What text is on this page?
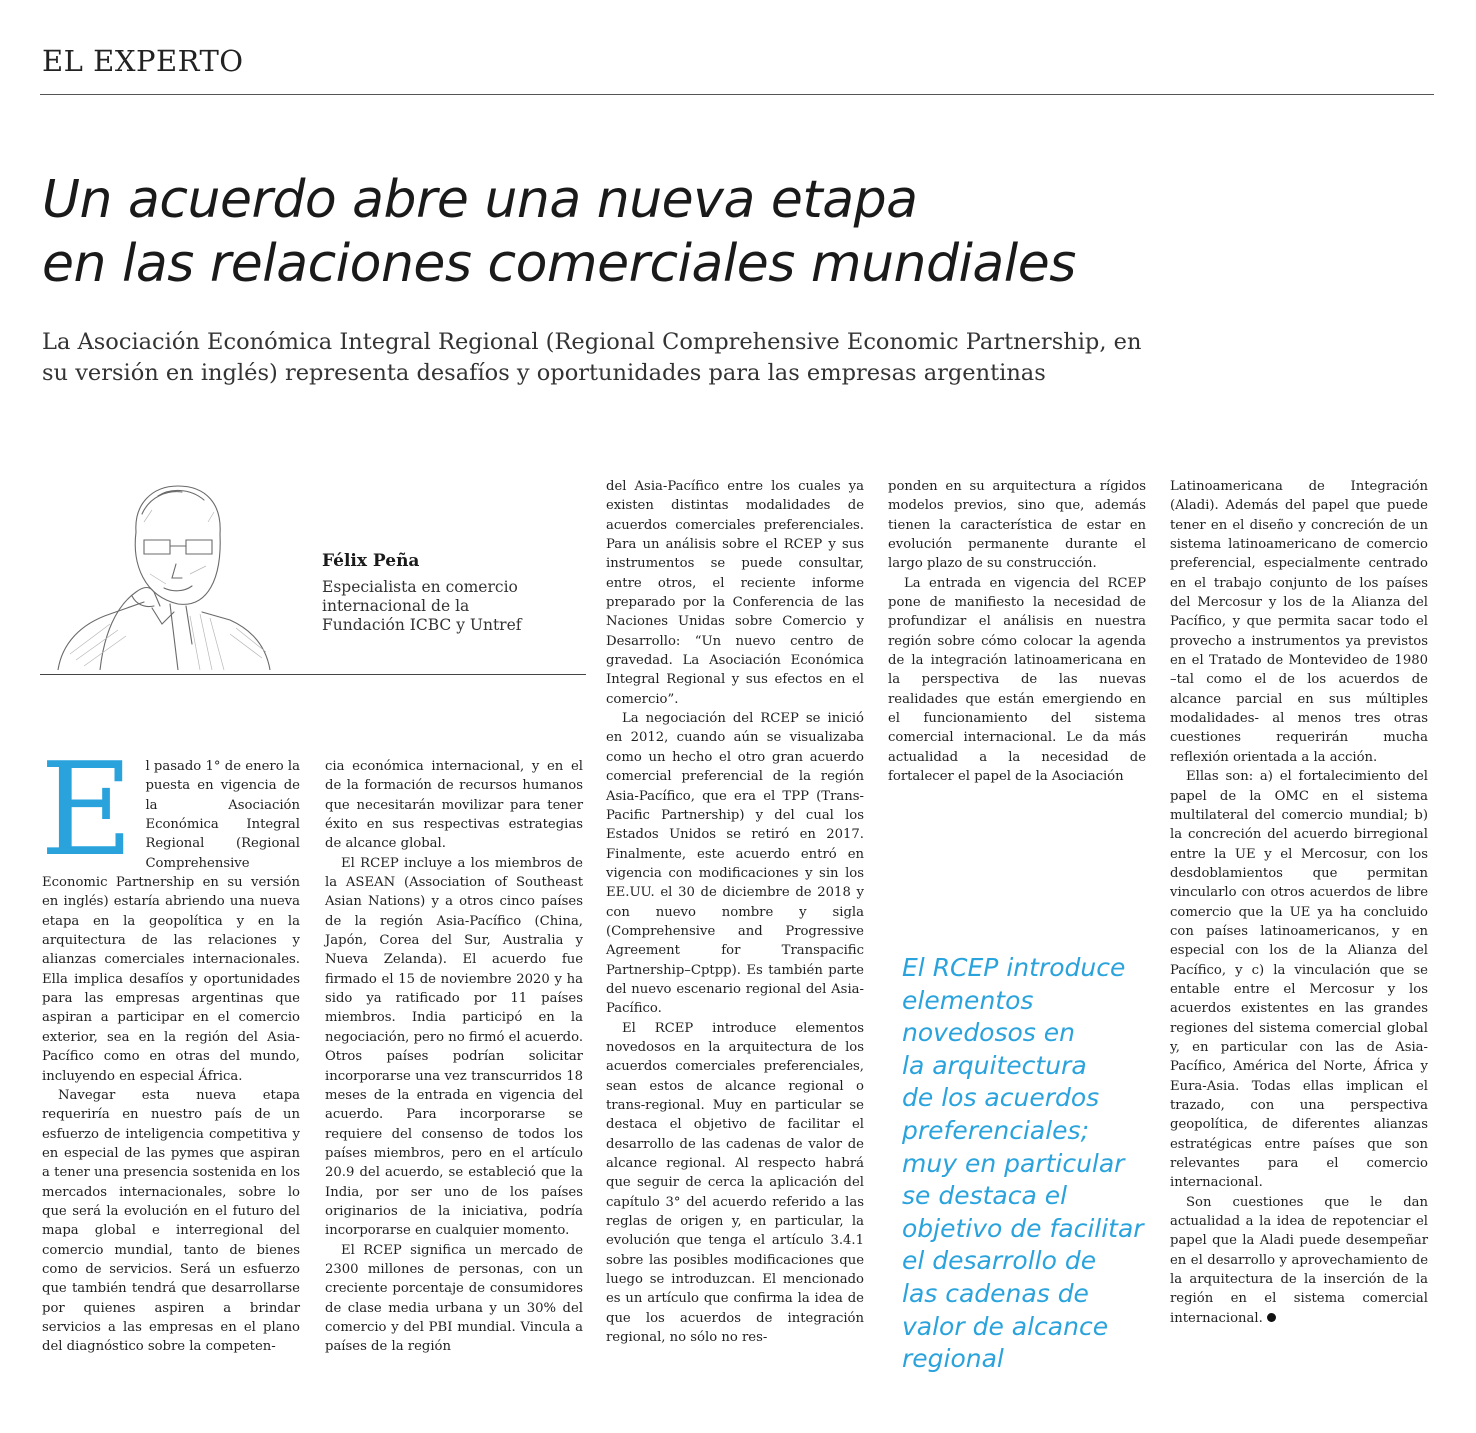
EL EXPERTO
Un acuerdo abre una nueva etapa
en las relaciones comerciales mundiales

La Asociación Económica Integral Regional (Regional Comprehensive Economic Partnership, en
su versión en inglés) representa desafíos y oportunidades para las empresas argentinas

Félix Peña
Especialista en comercio
internacional de la
Fundación ICBC y Untref

El pasado 1° de enero la puesta en vigencia de la Asociación Económica Integral Regional (Regional Comprehensive Economic Partnership en su versión en inglés) estaría abriendo una nueva etapa en la geopolítica y en la arquitectura de las relaciones y alianzas comerciales internacionales. Ella implica desafíos y oportunidades para las empresas argentinas que aspiran a participar en el comercio exterior, sea en la región del Asia-Pacífico como en otras del mundo, incluyendo en especial África.

Navegar esta nueva etapa requeriría en nuestro país de un esfuerzo de inteligencia competitiva y en especial de las pymes que aspiran a tener una presencia sostenida en los mercados internacionales, sobre lo que será la evolución en el futuro del mapa global e interregional del comercio mundial, tanto de bienes como de servicios. Será un esfuerzo que también tendrá que desarrollarse por quienes aspiren a brindar servicios a las empresas en el plano del diagnóstico sobre la competen-

cia económica internacional, y en el de la formación de recursos humanos que necesitarán movilizar para tener éxito en sus respectivas estrategias de alcance global.

El RCEP incluye a los miembros de la ASEAN (Association of Southeast Asian Nations) y a otros cinco países de la región Asia-Pacífico (China, Japón, Corea del Sur, Australia y Nueva Zelanda). El acuerdo fue firmado el 15 de noviembre 2020 y ha sido ya ratificado por 11 países miembros. India participó en la negociación, pero no firmó el acuerdo. Otros países podrían solicitar incorporarse una vez transcurridos 18 meses de la entrada en vigencia del acuerdo. Para incorporarse se requiere del consenso de todos los países miembros, pero en el artículo 20.9 del acuerdo, se estableció que la India, por ser uno de los países originarios de la iniciativa, podría incorporarse en cualquier momento.

El RCEP significa un mercado de 2300 millones de personas, con un creciente porcentaje de consumidores de clase media urbana y un 30% del comercio y del PBI mundial. Vincula a países de la región

del Asia-Pacífico entre los cuales ya existen distintas modalidades de acuerdos comerciales preferenciales. Para un análisis sobre el RCEP y sus instrumentos se puede consultar, entre otros, el reciente informe preparado por la Conferencia de las Naciones Unidas sobre Comercio y Desarrollo: “Un nuevo centro de gravedad. La Asociación Económica Integral Regional y sus efectos en el comercio”.

La negociación del RCEP se inició en 2012, cuando aún se visualizaba como un hecho el otro gran acuerdo comercial preferencial de la región Asia-Pacífico, que era el TPP (Trans-Pacific Partnership) y del cual los Estados Unidos se retiró en 2017. Finalmente, este acuerdo entró en vigencia con modificaciones y sin los EE.UU. el 30 de diciembre de 2018 y con nuevo nombre y sigla (Comprehensive and Progressive Agreement for Transpacific Partnership–Cptpp). Es también parte del nuevo escenario regional del Asia-Pacífico.

El RCEP introduce elementos novedosos en la arquitectura de los acuerdos comerciales preferenciales, sean estos de alcance regional o trans-regional. Muy en particular se destaca el objetivo de facilitar el desarrollo de las cadenas de valor de alcance regional. Al respecto habrá que seguir de cerca la aplicación del capítulo 3° del acuerdo referido a las reglas de origen y, en particular, la evolución que tenga el artículo 3.4.1 sobre las posibles modificaciones que luego se introduzcan. El mencionado es un artículo que confirma la idea de que los acuerdos de integración regional, no sólo no res-

ponden en su arquitectura a rígidos modelos previos, sino que, además tienen la característica de estar en evolución permanente durante el largo plazo de su construcción.

La entrada en vigencia del RCEP pone de manifiesto la necesidad de profundizar el análisis en nuestra región sobre cómo colocar la agenda de la integración latinoamericana en la perspectiva de las nuevas realidades que están emergiendo en el funcionamiento del sistema comercial internacional. Le da más actualidad a la necesidad de fortalecer el papel de la Asociación

El RCEP introduce
elementos
novedosos en
la arquitectura
de los acuerdos
preferenciales;
muy en particular
se destaca el
objetivo de facilitar
el desarrollo de
las cadenas de
valor de alcance
regional

Latinoamericana de Integración (Aladi). Además del papel que puede tener en el diseño y concreción de un sistema latinoamericano de comercio preferencial, especialmente centrado en el trabajo conjunto de los países del Mercosur y los de la Alianza del Pacífico, y que permita sacar todo el provecho a instrumentos ya previstos en el Tratado de Montevideo de 1980 –tal como el de los acuerdos de alcance parcial en sus múltiples modalidades- al menos tres otras cuestiones requerirán mucha reflexión orientada a la acción.

Ellas son: a) el fortalecimiento del papel de la OMC en el sistema multilateral del comercio mundial; b) la concreción del acuerdo birregional entre la UE y el Mercosur, con los desdoblamientos que permitan vincularlo con otros acuerdos de libre comercio que la UE ya ha concluido con países latinoamericanos, y en especial con los de la Alianza del Pacífico, y c) la vinculación que se entable entre el Mercosur y los acuerdos existentes en las grandes regiones del sistema comercial global y, en particular con las de Asia-Pacífico, América del Norte, África y Eura-Asia. Todas ellas implican el trazado, con una perspectiva geopolítica, de diferentes alianzas estratégicas entre países que son relevantes para el comercio internacional.

Son cuestiones que le dan actualidad a la idea de repotenciar el papel que la Aladi puede desempeñar en el desarrollo y aprovechamiento de la arquitectura de la inserción de la región en el sistema comercial internacional.
